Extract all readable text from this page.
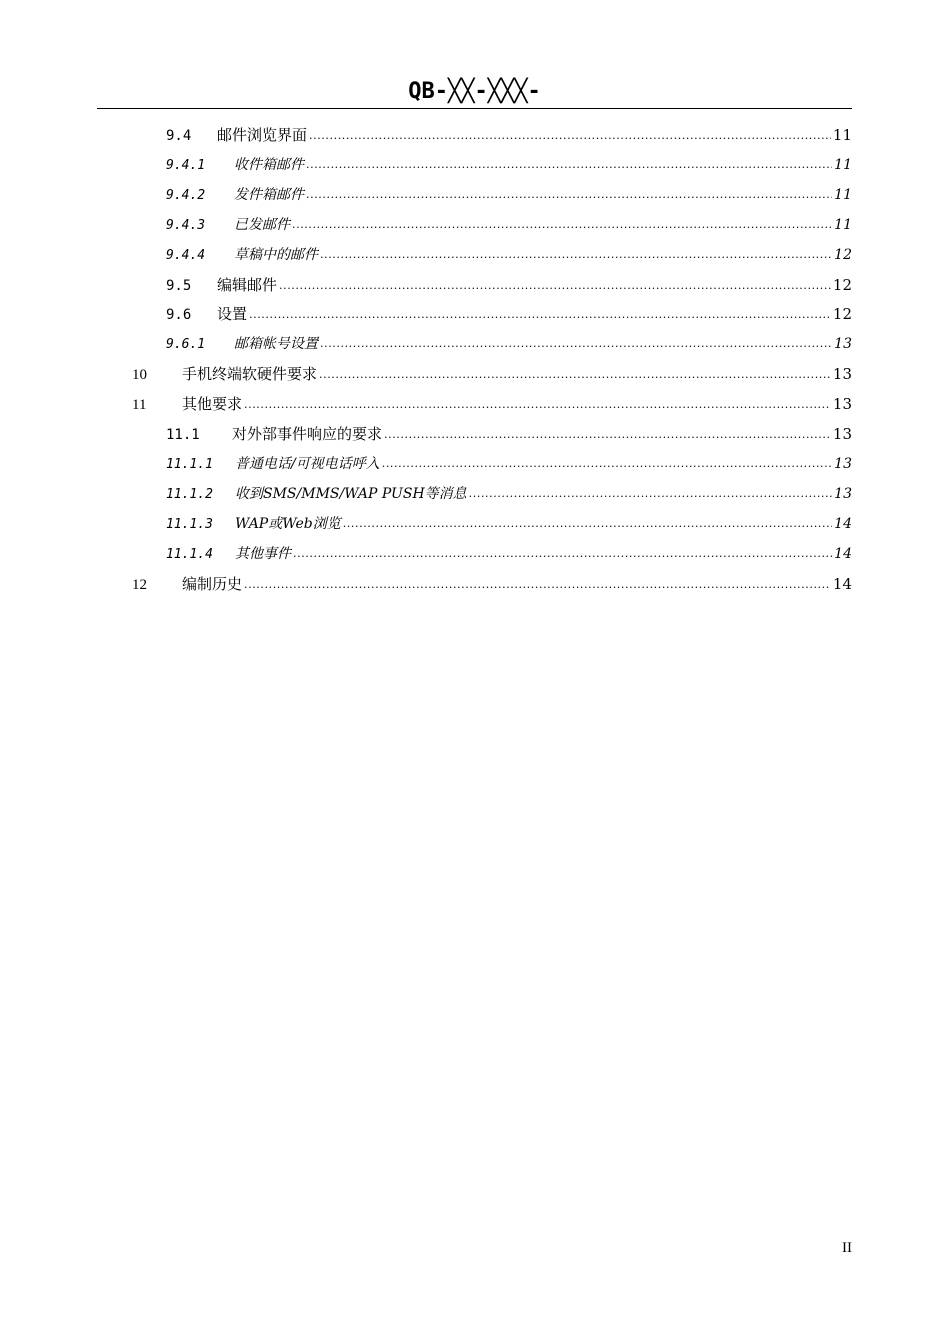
QB-╳╳-╳╳╳-
9.4	邮件浏览界面 .....	11
9.4.1	收件箱邮件 .....	11
9.4.2	发件箱邮件 .....	11
9.4.3	已发邮件 .....	11
9.4.4	草稿中的邮件 .....	12
9.5	编辑邮件 .....	12
9.6	设置 .....	12
9.6.1	邮箱帐号设置 .....	13
10	手机终端软硬件要求 .....	13
11	其他要求 .....	13
11.1	对外部事件响应的要求 .....	13
11.1.1	普通电话/可视电话呼入 .....	13
11.1.2	收到SMS/MMS/WAP PUSH等消息 .....	13
11.1.3	WAP或Web浏览 .....	14
11.1.4	其他事件 .....	14
12	编制历史 .....	14
II
